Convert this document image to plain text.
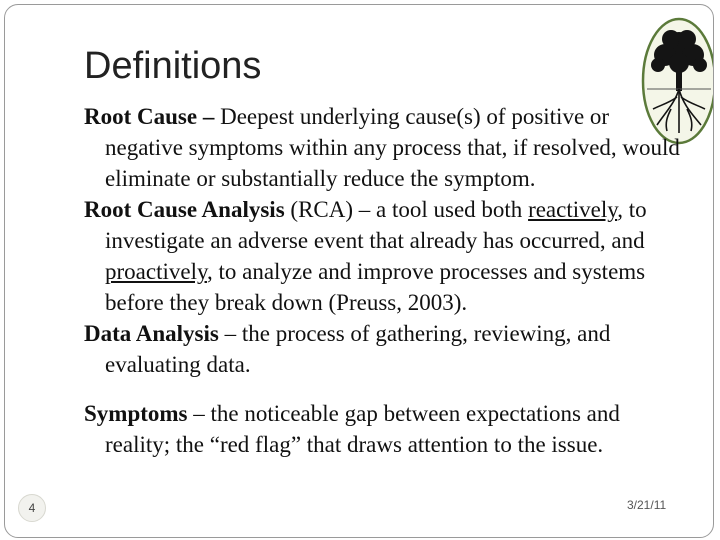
Definitions

Root Cause – Deepest underlying cause(s) of positive or negative symptoms within any process that, if resolved, would eliminate or substantially reduce the symptom.

Root Cause Analysis (RCA) – a tool used both reactively, to investigate an adverse event that already has occurred, and proactively, to analyze and improve processes and systems before they break down (Preuss, 2003).

Data Analysis – the process of gathering, reviewing, and evaluating data.

Symptoms – the noticeable gap between expectations and reality; the “red flag” that draws attention to the issue.

4	3/21/11
